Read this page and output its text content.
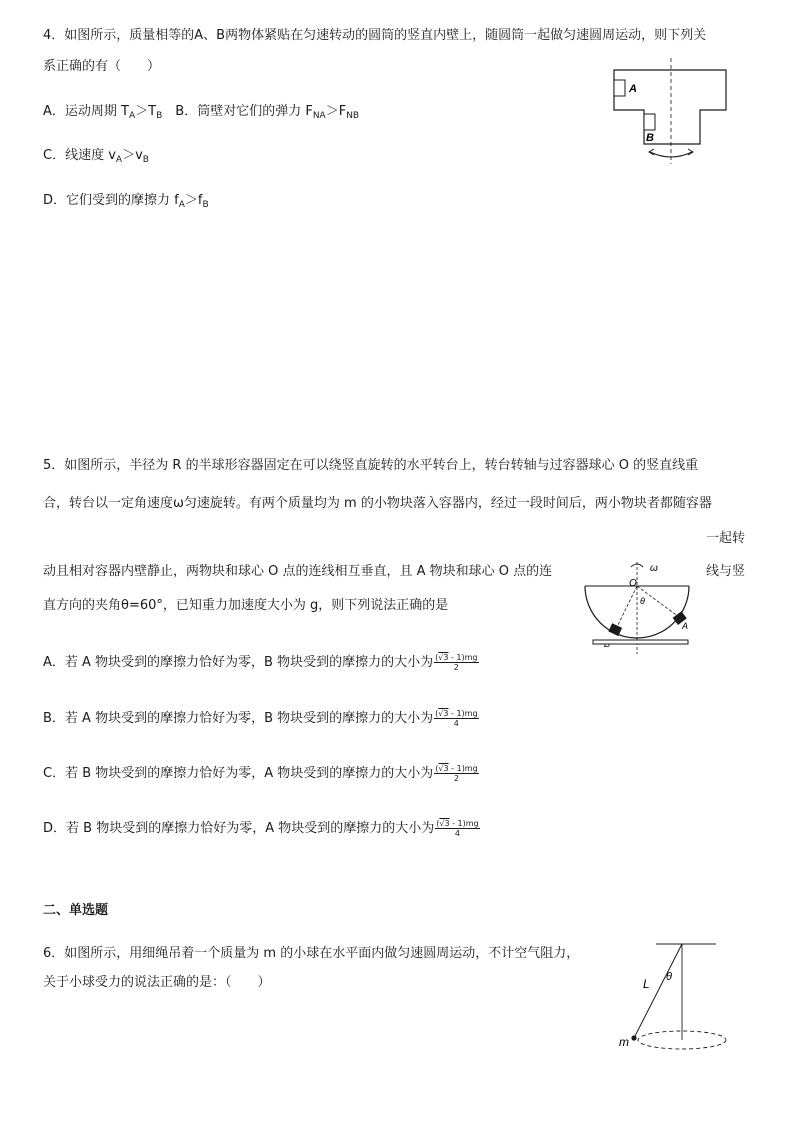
4．如图所示，质量相等的A、B两物体紧贴在匀速转动的圆筒的竖直内壁上，随圆筒一起做匀速圆周运动，则下列关
系正确的有（　　）
A．运动周期 $T_A>T_B$　B．筒壁对它们的弹力 $F_{NA}>F_{NB}$
C．线速度 $v_A>v_B$
D．它们受到的摩擦力 $f_A>f_B$
A
B
5．如图所示，半径为 R 的半球形容器固定在可以绕竖直旋转的水平转台上，转台转轴与过容器球心 O 的竖直线重
合，转台以一定角速度ω匀速旋转。有两个质量均为 m 的小物块落入容器内，经过一段时间后，两小物块者都随容器
一起转
动且相对容器内壁静止，两物块和球心 O 点的连线相互垂直，且 A 物块和球心 O 点的连	线与竖
直方向的夹角θ=60°，已知重力加速度大小为 g，则下列说法正确的是
ω
O
θ
A
A．若 A 物块受到的摩擦力恰好为零，B 物块受到的摩擦力的大小为 $\frac{(√3 - 1)mg}{2}$
B．若 A 物块受到的摩擦力恰好为零，B 物块受到的摩擦力的大小为 $\frac{(√3 - 1)mg}{4}$
C．若 B 物块受到的摩擦力恰好为零，A 物块受到的摩擦力的大小为 $\frac{(√3 - 1)mg}{2}$
D．若 B 物块受到的摩擦力恰好为零，A 物块受到的摩擦力的大小为 $\frac{(√3 - 1)mg}{4}$
二、单选题
6．如图所示，用细绳吊着一个质量为 m 的小球在水平面内做匀速圆周运动，不计空气阻力，
关于小球受力的说法正确的是：（　　）	L θ
m
